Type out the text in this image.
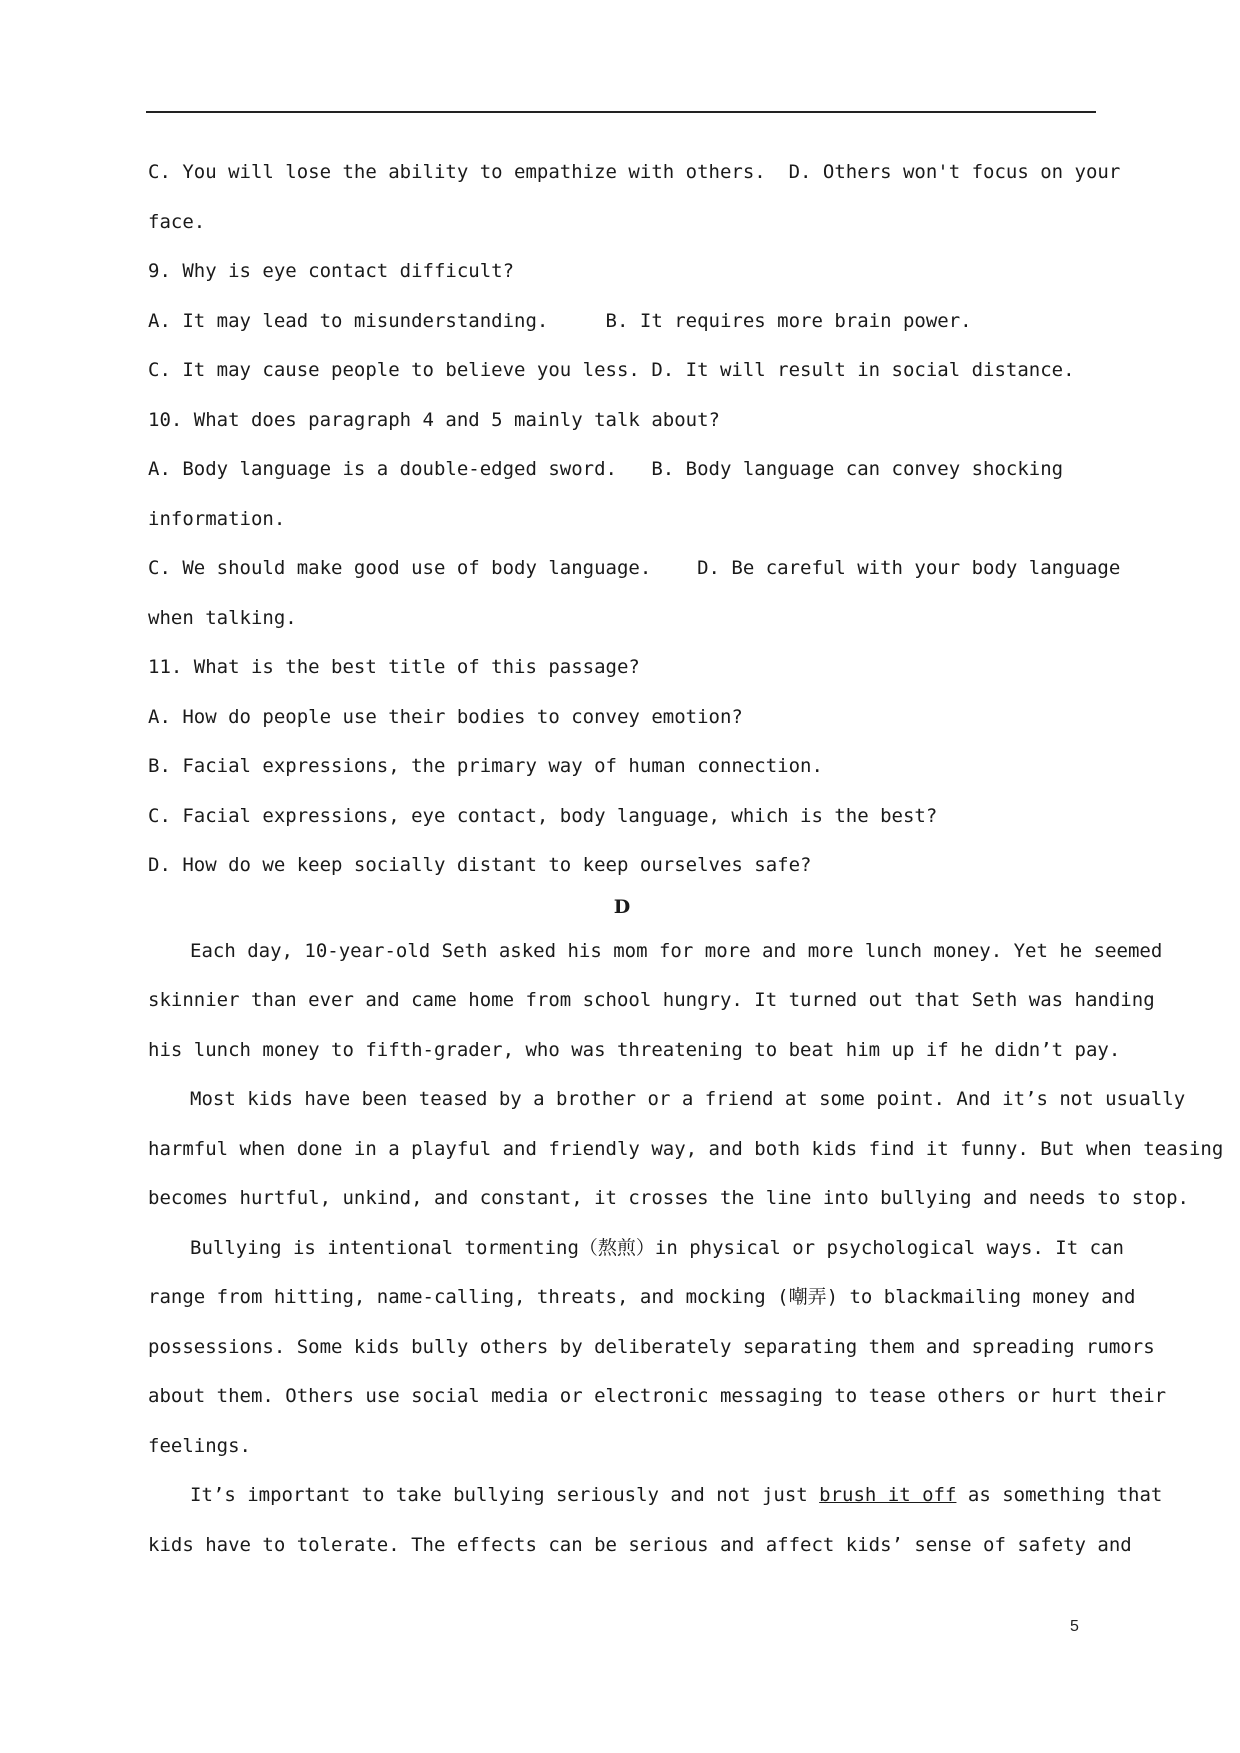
C. You will lose the ability to empathize with others.  D. Others won't focus on your
face.
9. Why is eye contact difficult?
A. It may lead to misunderstanding.     B. It requires more brain power.
C. It may cause people to believe you less. D. It will result in social distance.
10. What does paragraph 4 and 5 mainly talk about?
A. Body language is a double-edged sword.   B. Body language can convey shocking
information.
C. We should make good use of body language.    D. Be careful with your body language
when talking.
11. What is the best title of this passage?
A. How do people use their bodies to convey emotion?
B. Facial expressions, the primary way of human connection.
C. Facial expressions, eye contact, body language, which is the best?
D. How do we keep socially distant to keep ourselves safe?
D
Each day, 10-year-old Seth asked his mom for more and more lunch money. Yet he seemed
skinnier than ever and came home from school hungry. It turned out that Seth was handing
his lunch money to fifth-grader, who was threatening to beat him up if he didn’t pay.
Most kids have been teased by a brother or a friend at some point. And it’s not usually
harmful when done in a playful and friendly way, and both kids find it funny. But when teasing
becomes hurtful, unkind, and constant, it crosses the line into bullying and needs to stop.
Bullying is intentional tormenting（熬煎）in physical or psychological ways. It can
range from hitting, name-calling, threats, and mocking (嘲弄) to blackmailing money and
possessions. Some kids bully others by deliberately separating them and spreading rumors
about them. Others use social media or electronic messaging to tease others or hurt their
feelings.
It’s important to take bullying seriously and not just brush it off as something that
kids have to tolerate. The effects can be serious and affect kids’ sense of safety and
5
